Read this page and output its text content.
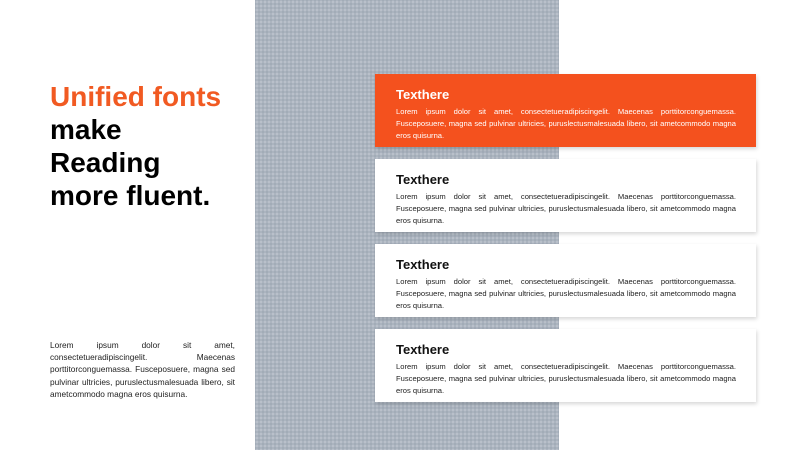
Unified fonts
make
Reading
more fluent.

Lorem ipsum dolor sit amet, consectetueradipiscingelit. Maecenas porttitorconguemassa. Fusceposuere, magna sed pulvinar ultricies, puruslectusmalesuada libero, sit ametcommodo magna eros quisurna.

Texthere

Lorem ipsum dolor sit amet, consectetueradipiscingelit. Maecenas porttitorconguemassa. Fusceposuere, magna sed pulvinar ultricies, puruslectusmalesuada libero, sit ametcommodo magna eros quisurna.

Texthere

Lorem ipsum dolor sit amet, consectetueradipiscingelit. Maecenas porttitorconguemassa. Fusceposuere, magna sed pulvinar ultricies, puruslectusmalesuada libero, sit ametcommodo magna eros quisurna.

Texthere

Lorem ipsum dolor sit amet, consectetueradipiscingelit. Maecenas porttitorconguemassa. Fusceposuere, magna sed pulvinar ultricies, puruslectusmalesuada libero, sit ametcommodo magna eros quisurna.

Texthere

Lorem ipsum dolor sit amet, consectetueradipiscingelit. Maecenas porttitorconguemassa. Fusceposuere, magna sed pulvinar ultricies, puruslectusmalesuada libero, sit ametcommodo magna eros quisurna.
